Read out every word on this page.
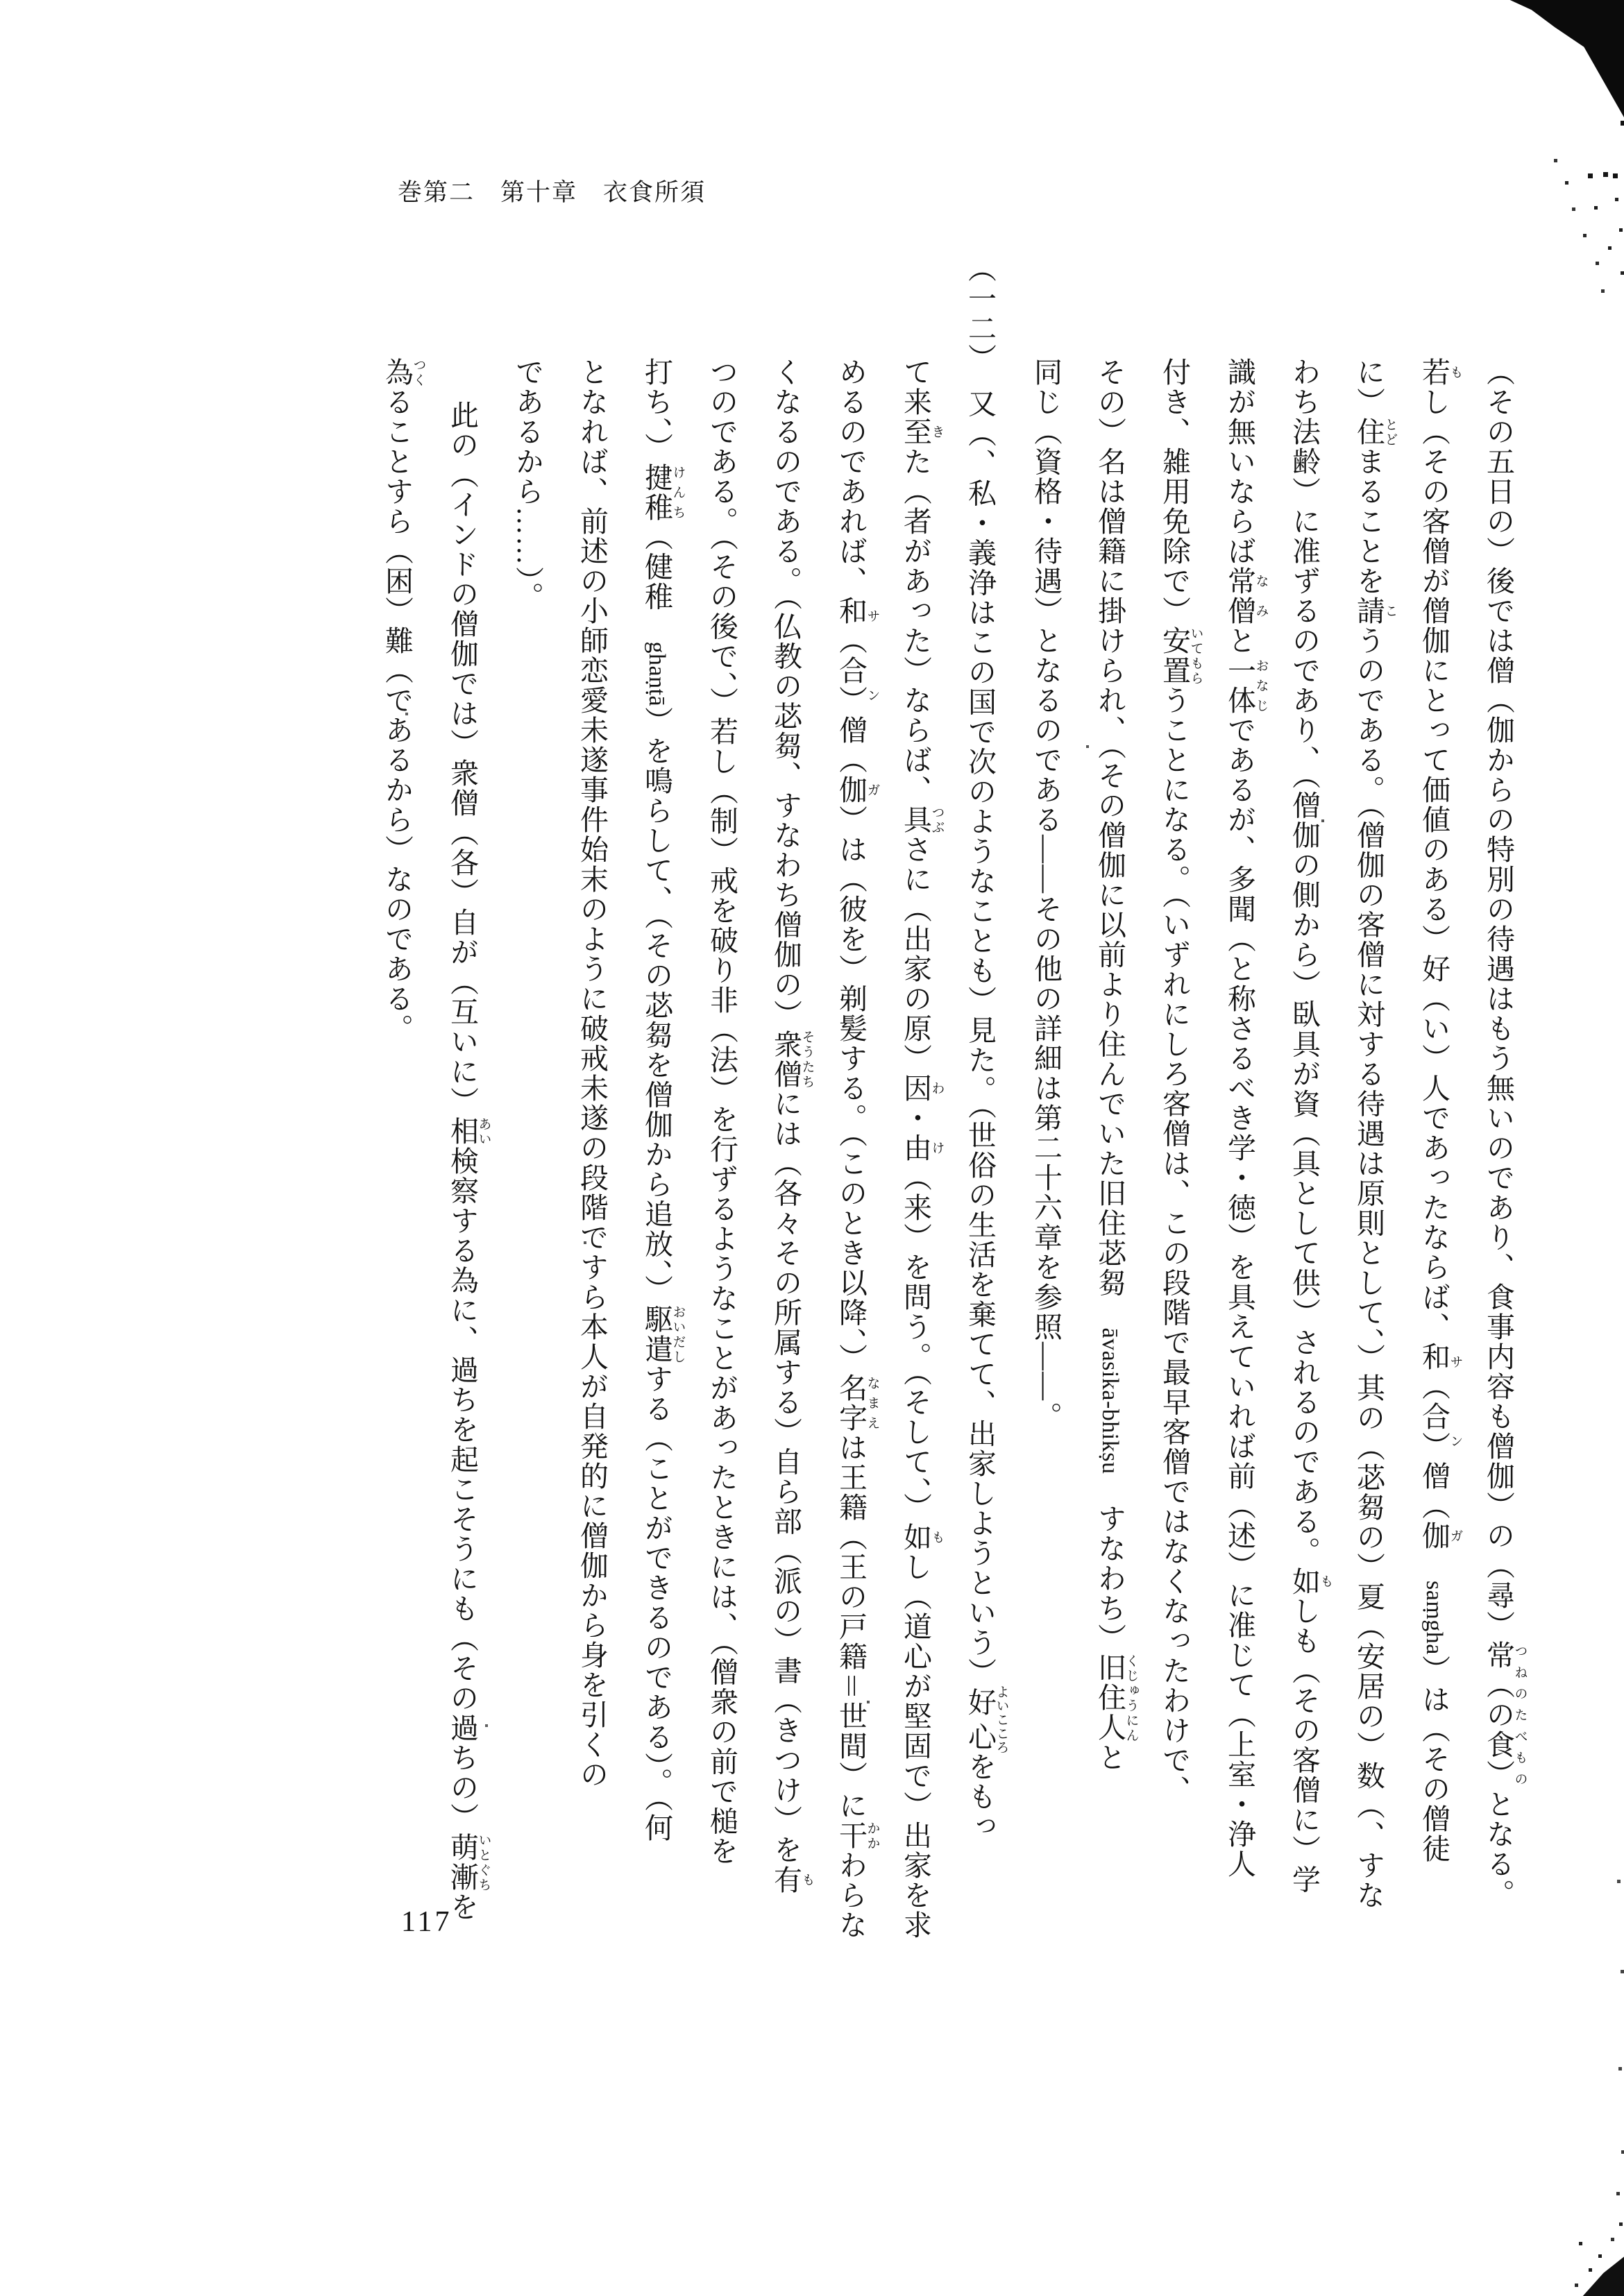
巻第二　第十章　衣食所須
（その五日の）後では僧（伽からの特別の待遇はもう無いのであり、食事内容も僧伽）の（尋）常（の食）つねのたべものとなる。
若もし（その客僧が僧伽にとって価値のある）好（い）人であったならば、和（合）サン僧（伽ガ　saṃgha）は（その僧徒
に）住とどまることを請こうのである。（僧伽の客僧に対する待遇は原則として、）其の（苾芻の）夏（安居の）数（、すな
わち法齢）に准ずるのであり、（僧伽の側から）臥具が資（具として供）されるのである。如もしも（その客僧に）学
識が無いならば常僧なみと一体おなじであるが、多聞（と称さるべき学・徳）を具えていれば前（述）に准じて（上室・浄人
付き、雑用免除で）安置いてもらうことになる。（いずれにしろ客僧は、この段階で最早客僧ではなくなったわけで、
その）名は僧籍に掛けられ、（その僧伽に以前より住んでいた旧住苾芻　āvasika-bhikṣu　すなわち）旧住人くじゅうにんと
同じ（資格・待遇）となるのである——その他の詳細は第二十六章を参照——。
（一二）　又（、私・義浄はこの国で次のようなことも）見た。（世俗の生活を棄てて、出家しようという）好心よいこころをもっ
て来至きた（者があった）ならば、具つぶさに（出家の原）因わ・由け（来）を問う。（そして、）如もし（道心が堅固で）出家を求
めるのであれば、和（合）サン僧（伽ガ）は（彼を）剃髪する。（このとき以降、）名字なまえは王籍（王の戸籍＝世間）に干かかわらな
くなるのである。（仏教の苾芻、すなわち僧伽の）衆僧そうたちには（各々その所属する）自ら部（派の）書（きつけ）を有も
つのである。（その後で、）若し（制）戒を破り非（法）を行ずるようなことがあったときには、（僧衆の前で槌を
打ち、）揵稚けんち（健稚　ghaṇṭā）を鳴らして、（その苾芻を僧伽から追放、）駆遣おいだしする（ことができるのである）。（何
となれば、前述の小師恋愛未遂事件始末のように破戒未遂の段階ですら本人が自発的に僧伽から身を引くの
であるから……）。
此の（インドの僧伽では）衆僧（各）自が（互いに）相あい検察する為に、過ちを起こそうにも（その過ちの）萌漸いとぐちを
為つくることすら（困）難（であるから）なのである。
117
